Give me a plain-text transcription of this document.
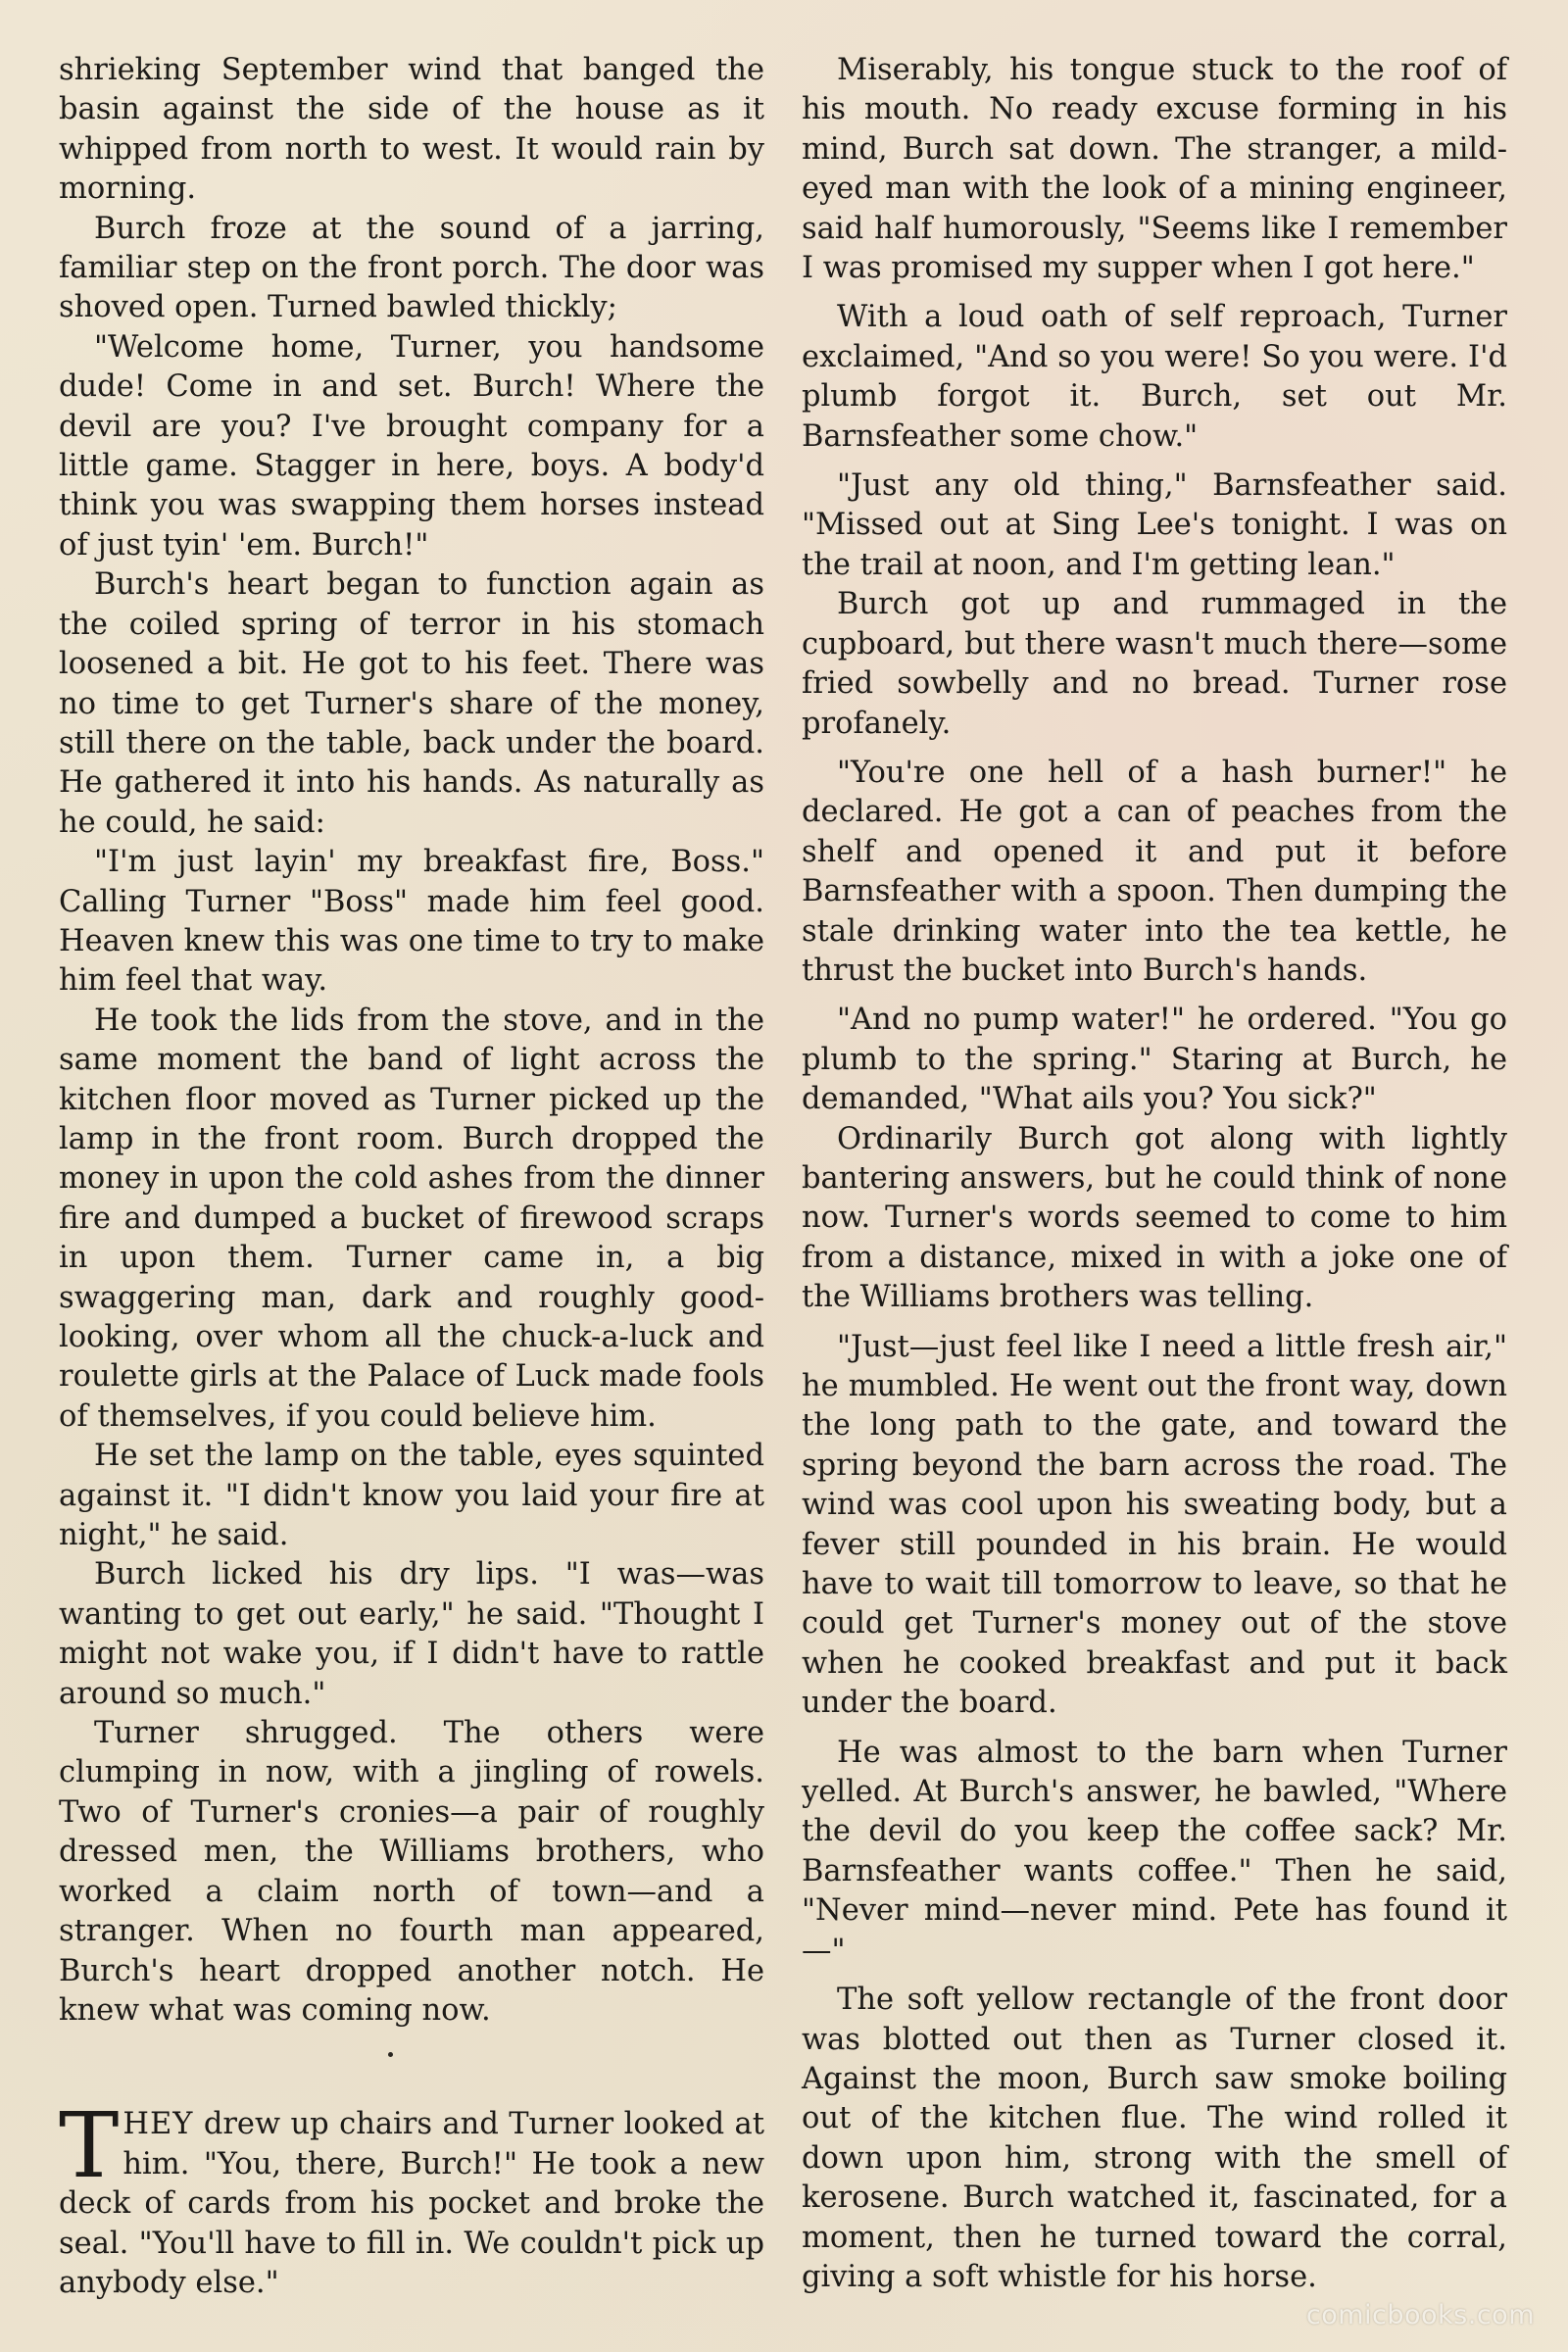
shrieking September wind that banged the basin against the side of the house as it whipped from north to west. It would rain by morning.

Burch froze at the sound of a jarring, familiar step on the front porch. The door was shoved open. Turned bawled thickly;

"Welcome home, Turner, you handsome dude! Come in and set. Burch! Where the devil are you? I've brought company for a little game. Stagger in here, boys. A body'd think you was swapping them horses instead of just tyin' 'em. Burch!"

Burch's heart began to function again as the coiled spring of terror in his stomach loosened a bit. He got to his feet. There was no time to get Turner's share of the money, still there on the table, back under the board. He gathered it into his hands. As naturally as he could, he said:

"I'm just layin' my breakfast fire, Boss." Calling Turner "Boss" made him feel good. Heaven knew this was one time to try to make him feel that way.

He took the lids from the stove, and in the same moment the band of light across the kitchen floor moved as Turner picked up the lamp in the front room. Burch dropped the money in upon the cold ashes from the dinner fire and dumped a bucket of firewood scraps in upon them. Turner came in, a big swaggering man, dark and roughly good-looking, over whom all the chuck-a-luck and roulette girls at the Palace of Luck made fools of themselves, if you could believe him.

He set the lamp on the table, eyes squinted against it. "I didn't know you laid your fire at night," he said.

Burch licked his dry lips. "I was—was wanting to get out early," he said. "Thought I might not wake you, if I didn't have to rattle around so much."

Turner shrugged. The others were clumping in now, with a jingling of rowels. Two of Turner's cronies—a pair of roughly dressed men, the Williams brothers, who worked a claim north of town—and a stranger. When no fourth man appeared, Burch's heart dropped another notch. He knew what was coming now.

THEY drew up chairs and Turner looked at him. "You, there, Burch!" He took a new deck of cards from his pocket and broke the seal. "You'll have to fill in. We couldn't pick up anybody else."

Miserably, his tongue stuck to the roof of his mouth. No ready excuse forming in his mind, Burch sat down. The stranger, a mild-eyed man with the look of a mining engineer, said half humorously, "Seems like I remember I was promised my supper when I got here."

With a loud oath of self reproach, Turner exclaimed, "And so you were! So you were. I'd plumb forgot it. Burch, set out Mr. Barnsfeather some chow."

"Just any old thing," Barnsfeather said. "Missed out at Sing Lee's tonight. I was on the trail at noon, and I'm getting lean."

Burch got up and rummaged in the cupboard, but there wasn't much there—some fried sowbelly and no bread. Turner rose profanely.

"You're one hell of a hash burner!" he declared. He got a can of peaches from the shelf and opened it and put it before Barnsfeather with a spoon. Then dumping the stale drinking water into the tea kettle, he thrust the bucket into Burch's hands.

"And no pump water!" he ordered. "You go plumb to the spring." Staring at Burch, he demanded, "What ails you? You sick?"

Ordinarily Burch got along with lightly bantering answers, but he could think of none now. Turner's words seemed to come to him from a distance, mixed in with a joke one of the Williams brothers was telling.

"Just—just feel like I need a little fresh air," he mumbled. He went out the front way, down the long path to the gate, and toward the spring beyond the barn across the road. The wind was cool upon his sweating body, but a fever still pounded in his brain. He would have to wait till tomorrow to leave, so that he could get Turner's money out of the stove when he cooked breakfast and put it back under the board.

He was almost to the barn when Turner yelled. At Burch's answer, he bawled, "Where the devil do you keep the coffee sack? Mr. Barnsfeather wants coffee." Then he said, "Never mind—never mind. Pete has found it—"

The soft yellow rectangle of the front door was blotted out then as Turner closed it. Against the moon, Burch saw smoke boiling out of the kitchen flue. The wind rolled it down upon him, strong with the smell of kerosene. Burch watched it, fascinated, for a moment, then he turned toward the corral, giving a soft whistle for his horse.

comicbooks.com
